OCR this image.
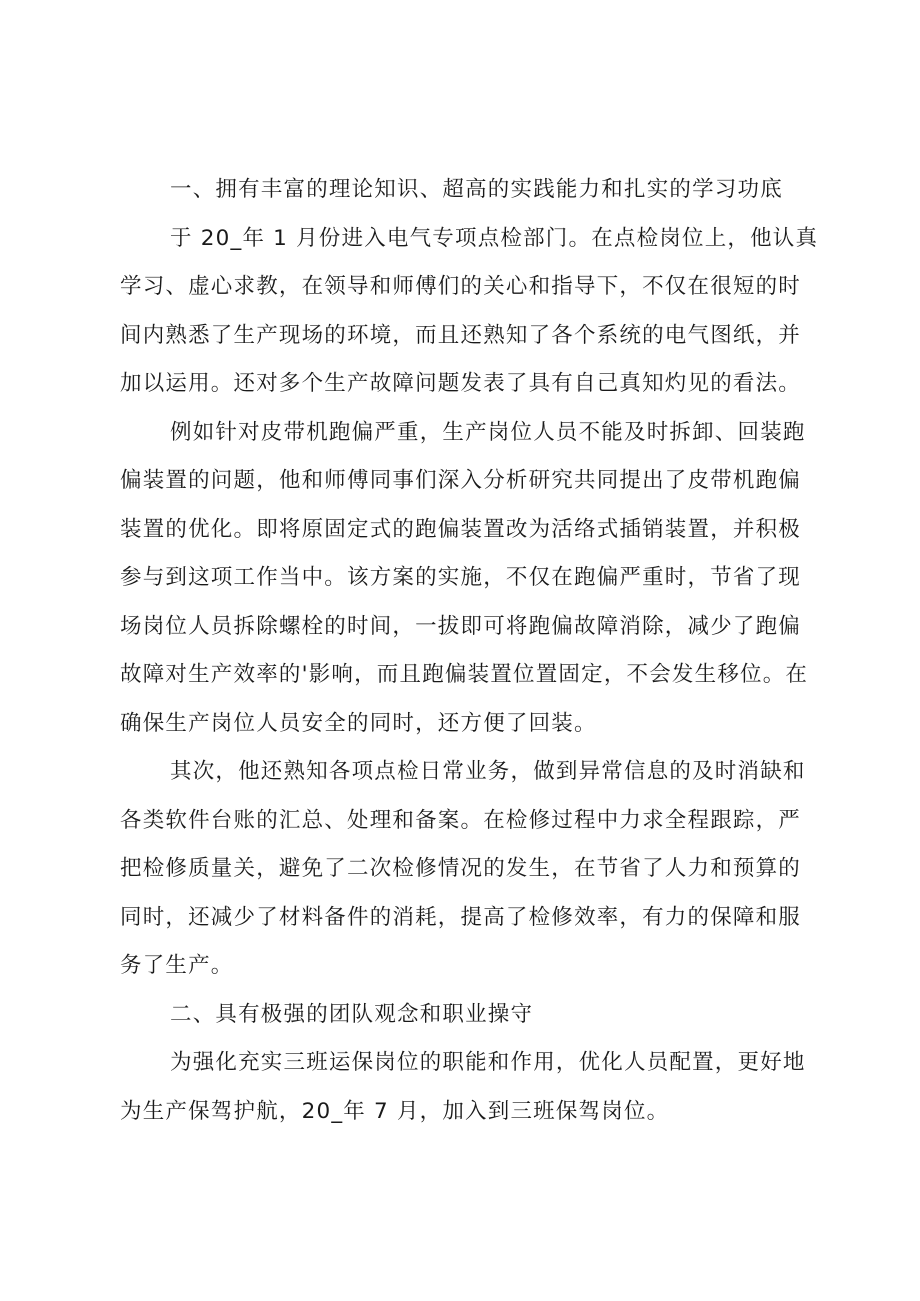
一、拥有丰富的理论知识、超高的实践能力和扎实的学习功底
于 20_年 1 月份进入电气专项点检部门。在点检岗位上，他认真
学习、虚心求教，在领导和师傅们的关心和指导下，不仅在很短的时
间内熟悉了生产现场的环境，而且还熟知了各个系统的电气图纸，并
加以运用。还对多个生产故障问题发表了具有自己真知灼见的看法。
例如针对皮带机跑偏严重，生产岗位人员不能及时拆卸、回装跑
偏装置的问题，他和师傅同事们深入分析研究共同提出了皮带机跑偏
装置的优化。即将原固定式的跑偏装置改为活络式插销装置，并积极
参与到这项工作当中。该方案的实施，不仅在跑偏严重时，节省了现
场岗位人员拆除螺栓的时间，一拔即可将跑偏故障消除，减少了跑偏
故障对生产效率的'影响，而且跑偏装置位置固定，不会发生移位。在
确保生产岗位人员安全的同时，还方便了回装。
其次，他还熟知各项点检日常业务，做到异常信息的及时消缺和
各类软件台账的汇总、处理和备案。在检修过程中力求全程跟踪，严
把检修质量关，避免了二次检修情况的发生，在节省了人力和预算的
同时，还减少了材料备件的消耗，提高了检修效率，有力的保障和服
务了生产。
二、具有极强的团队观念和职业操守
为强化充实三班运保岗位的职能和作用，优化人员配置，更好地
为生产保驾护航，20_年 7 月，加入到三班保驾岗位。
